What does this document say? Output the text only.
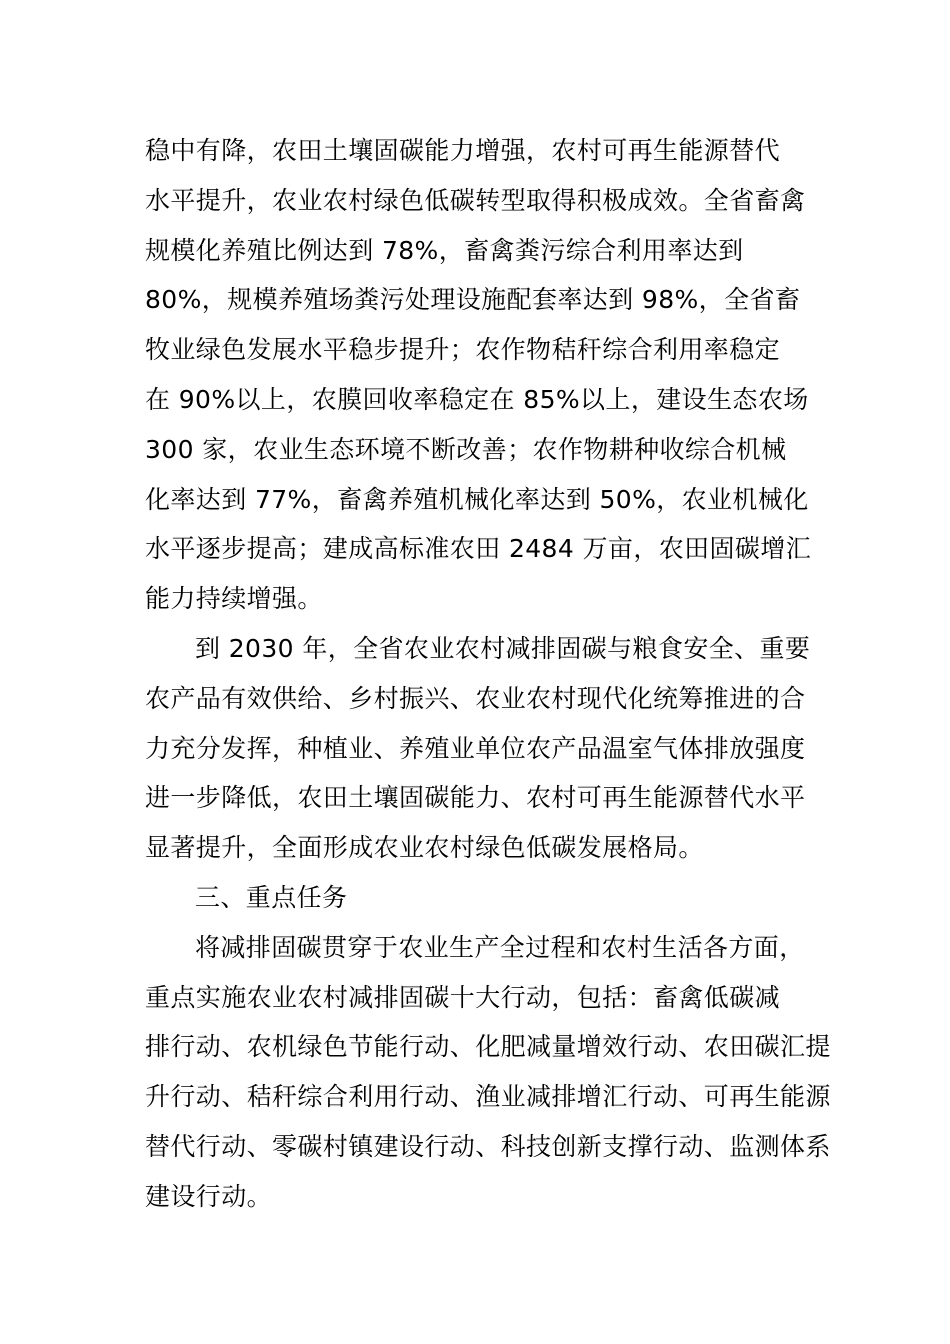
稳中有降，农田土壤固碳能力增强，农村可再生能源替代
水平提升，农业农村绿色低碳转型取得积极成效。全省畜禽
规模化养殖比例达到 78%，畜禽粪污综合利用率达到
80%，规模养殖场粪污处理设施配套率达到 98%，全省畜
牧业绿色发展水平稳步提升；农作物秸秆综合利用率稳定
在 90%以上，农膜回收率稳定在 85%以上，建设生态农场
300 家，农业生态环境不断改善；农作物耕种收综合机械
化率达到 77%，畜禽养殖机械化率达到 50%，农业机械化
水平逐步提高；建成高标准农田 2484 万亩，农田固碳增汇
能力持续增强。
到 2030 年，全省农业农村减排固碳与粮食安全、重要
农产品有效供给、乡村振兴、农业农村现代化统筹推进的合
力充分发挥，种植业、养殖业单位农产品温室气体排放强度
进一步降低，农田土壤固碳能力、农村可再生能源替代水平
显著提升，全面形成农业农村绿色低碳发展格局。
三、重点任务
将减排固碳贯穿于农业生产全过程和农村生活各方面，
重点实施农业农村减排固碳十大行动，包括：畜禽低碳减
排行动、农机绿色节能行动、化肥减量增效行动、农田碳汇提
升行动、秸秆综合利用行动、渔业减排增汇行动、可再生能源
替代行动、零碳村镇建设行动、科技创新支撑行动、监测体系
建设行动。
